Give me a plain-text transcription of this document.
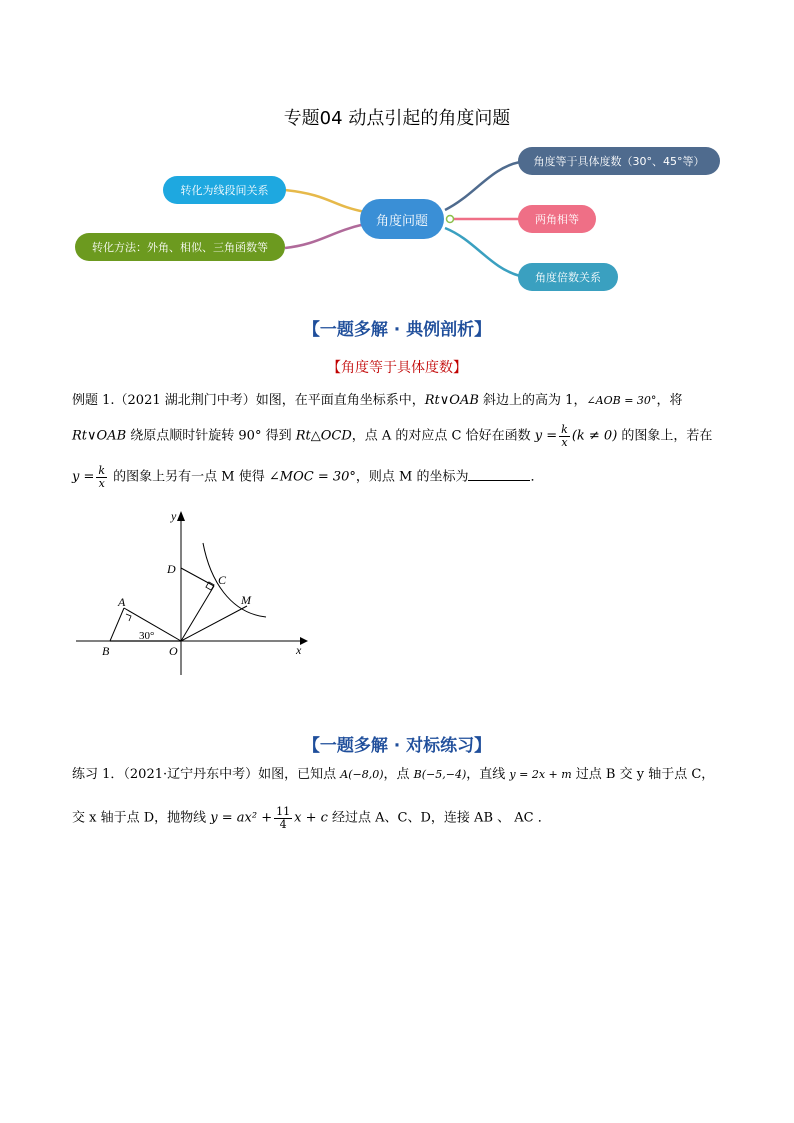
专题04 动点引起的角度问题
角度问题
转化为线段间关系
转化方法：外角、相似、三角函数等
角度等于具体度数（30°、45°等）
两角相等
角度倍数关系
【一题多解 · 典例剖析】
【角度等于具体度数】
例题 1.（2021 湖北荆门中考）如图，在平面直角坐标系中，Rt∨OAB 斜边上的高为 1，∠AOB = 30°，将
Rt∨OAB 绕原点顺时针旋转 90° 得到 Rt△OCD，点 A 的对应点 C 恰好在函数 $y = \frac{k}{x} (k \ne 0)$ 的图象上，若在
$y = \frac{k}{x}$ 的图象上另有一点 M 使得 ∠MOC = 30°，则点 M 的坐标为	．
y
x
D
C
M
A
B	O
30°
【一题多解 · 对标练习】
练习 1．（2021·辽宁丹东中考）如图，已知点 A(−8,0)，点 B(−5,−4)，直线 y = 2x + m 过点 B 交 y 轴于点 C，
交 x 轴于点 D，抛物线 $y = ax^2 + \frac{11}{4}$ x + c 经过点 A、C、D，连接 AB 、 AC ．
